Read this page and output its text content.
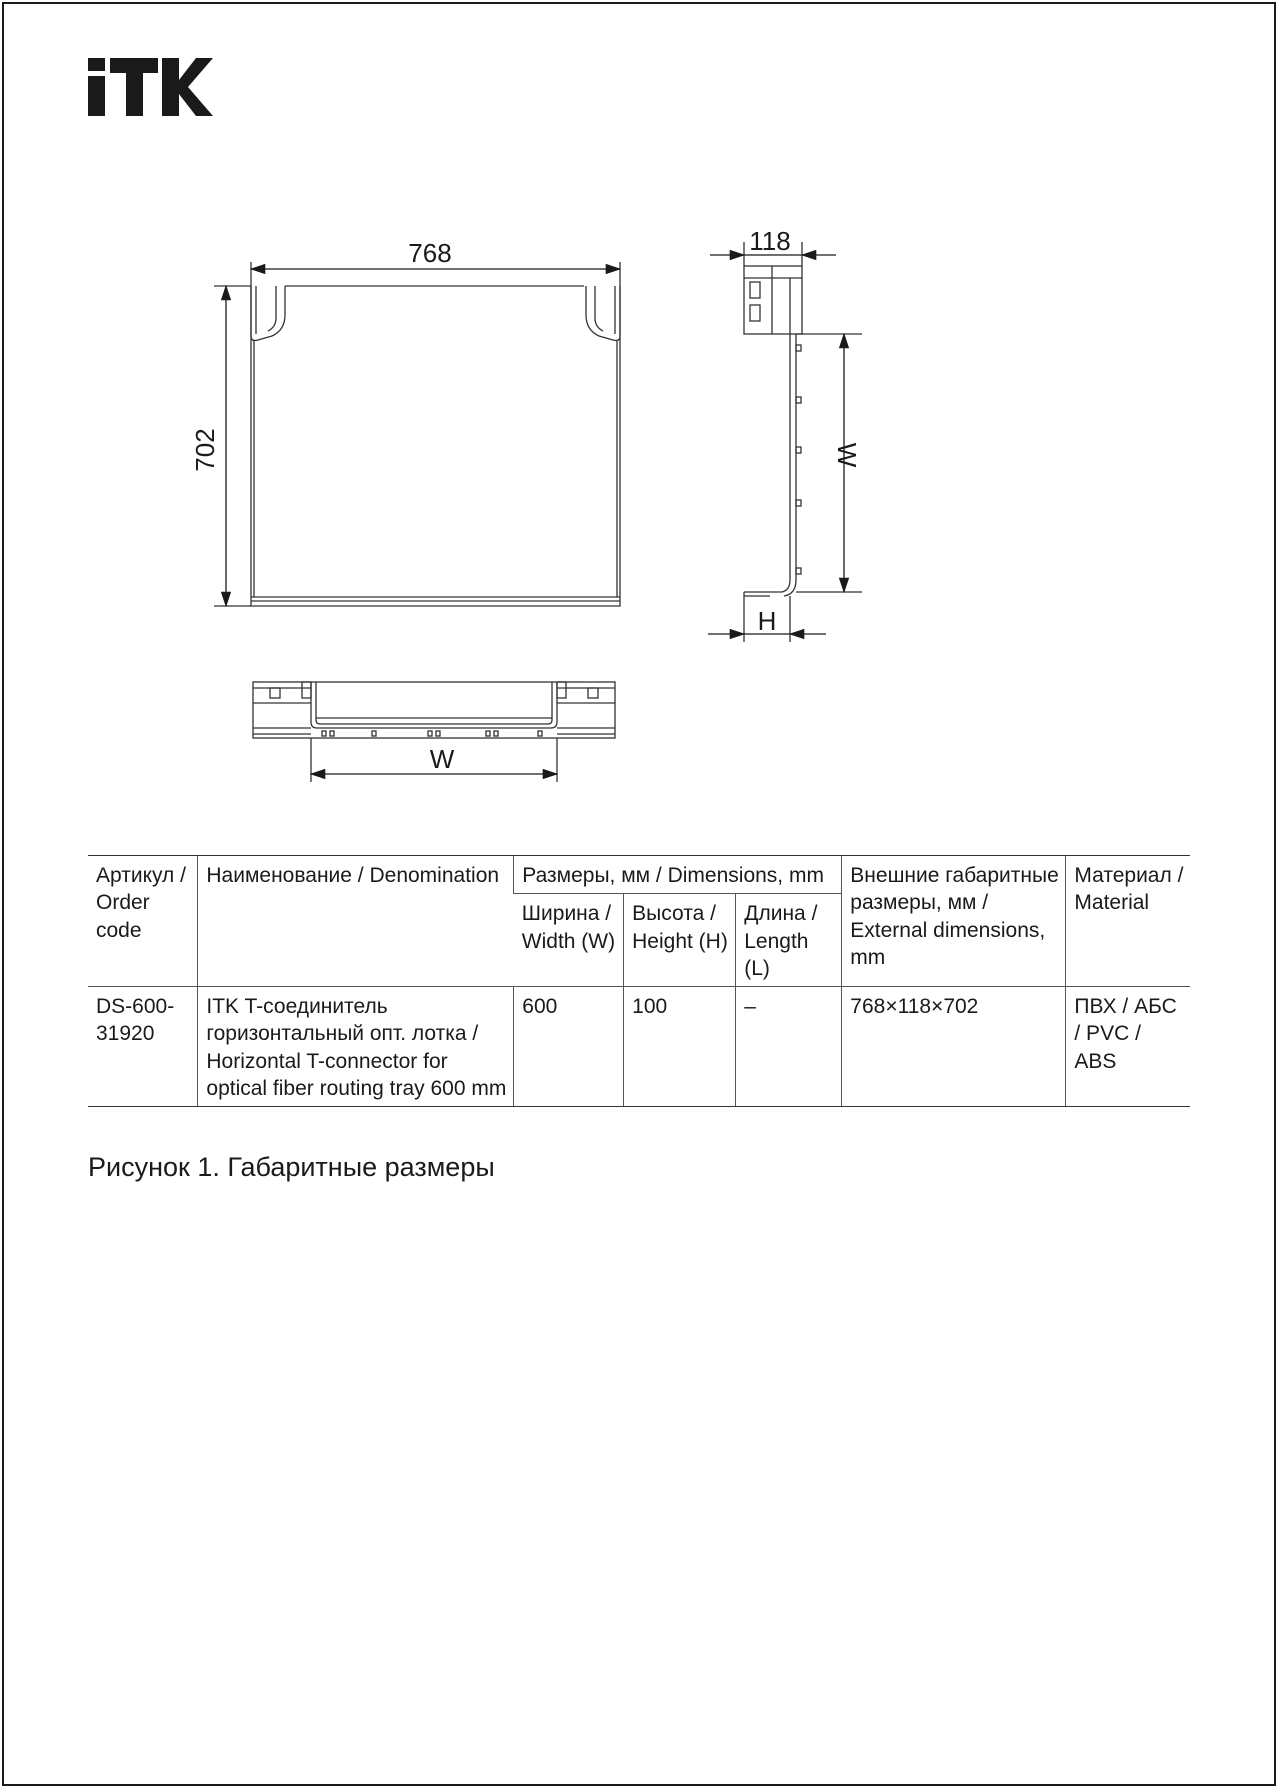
768
702
118
W
H
W
Артикул / Order code	Наименование / Denomination	Размеры, мм / Dimensions, mm			Внешние габаритные размеры, мм / External dimensions, mm	Материал / Material
		Ширина / Width (W)	Высота / Height (H)	Длина / Length (L)		
DS-600-31920	ITK T-соединитель горизонтальный опт. лотка / Horizontal T-connector for optical fiber routing tray 600 mm	600	100	–	768×118×702	ПВХ / АБС / PVC / ABS
Рисунок 1. Габаритные размеры
